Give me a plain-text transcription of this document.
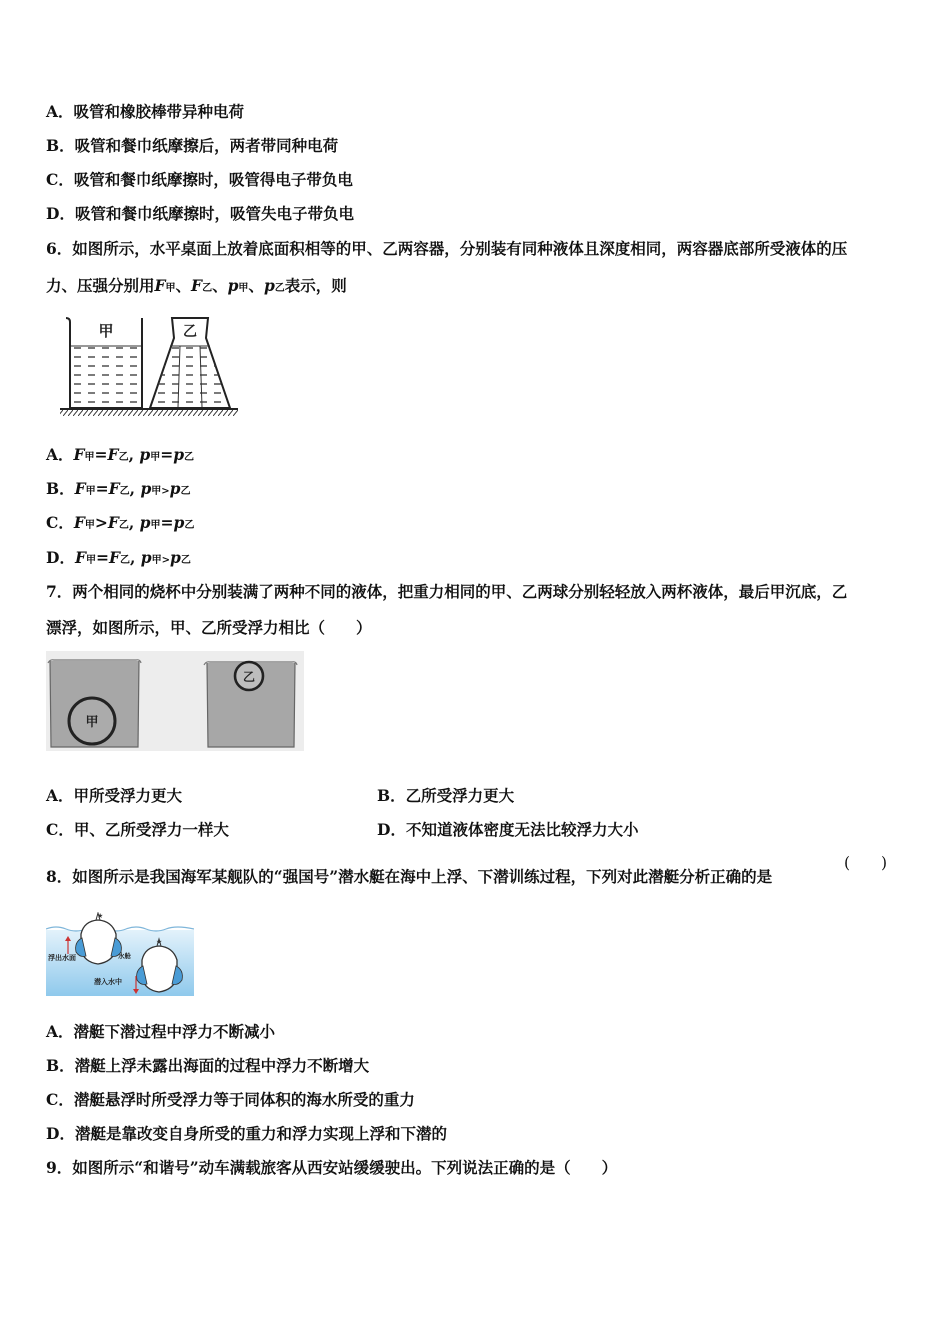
A．吸管和橡胶棒带异种电荷
B．吸管和餐巾纸摩擦后，两者带同种电荷
C．吸管和餐巾纸摩擦时，吸管得电子带负电
D．吸管和餐巾纸摩擦时，吸管失电子带负电
6．如图所示，水平桌面上放着底面积相等的甲、乙两容器，分别装有同种液体且深度相同，两容器底部所受液体的压
力、压强分别用F甲、F乙、p甲、p乙表示，则
甲	乙
A．F甲=F乙, p甲=p乙
B．F甲=F乙, p甲>p乙
C．F甲>F乙, p甲=p乙
D．F甲=F乙, p甲>p乙
7．两个相同的烧杯中分别装满了两种不同的液体，把重力相同的甲、乙两球分别轻轻放入两杯液体，最后甲沉底，乙
漂浮，如图所示，甲、乙所受浮力相比（　　）
甲
乙
A．甲所受浮力更大	B．乙所受浮力更大
C．甲、乙所受浮力一样大	D．不知道液体密度无法比较浮力大小
8．如图所示是我国海军某舰队的“强国号”潜水艇在海中上浮、下潜训练过程，下列对此潜艇分析正确的是
(　　)
★
★
浮出水面	水舱
潜入水中
A．潜艇下潜过程中浮力不断减小
B．潜艇上浮未露出海面的过程中浮力不断增大
C．潜艇悬浮时所受浮力等于同体积的海水所受的重力
D．潜艇是靠改变自身所受的重力和浮力实现上浮和下潜的
9．如图所示“和谐号”动车满载旅客从西安站缓缓驶出。下列说法正确的是（　　）
